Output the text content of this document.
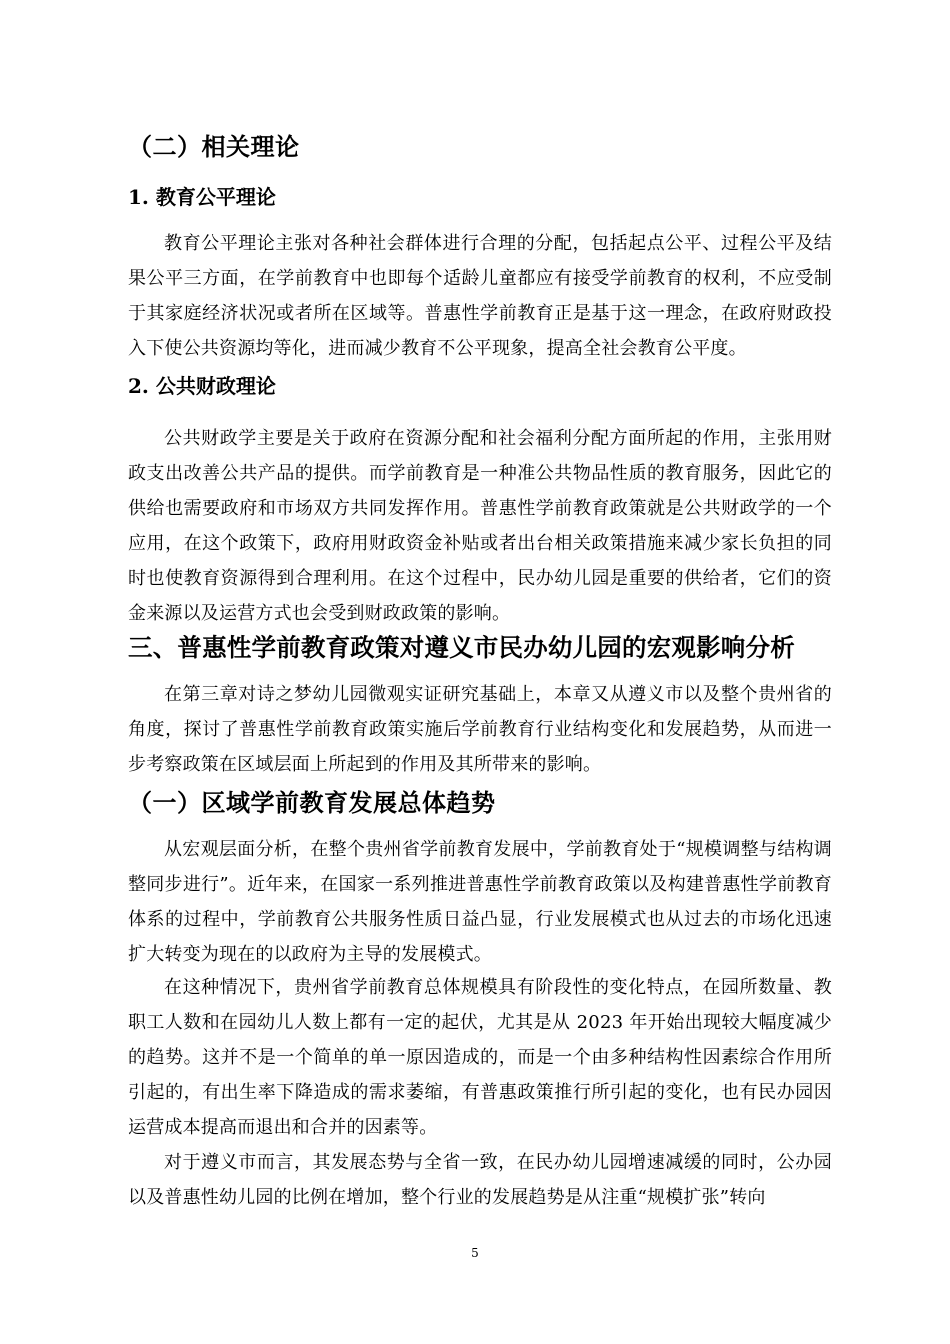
（二）相关理论
1. 教育公平理论
教育公平理论主张对各种社会群体进行合理的分配，包括起点公平、过程公平及结果公平三方面，在学前教育中也即每个适龄儿童都应有接受学前教育的权利，不应受制于其家庭经济状况或者所在区域等。普惠性学前教育正是基于这一理念，在政府财政投入下使公共资源均等化，进而减少教育不公平现象，提高全社会教育公平度。
2. 公共财政理论
公共财政学主要是关于政府在资源分配和社会福利分配方面所起的作用，主张用财政支出改善公共产品的提供。而学前教育是一种准公共物品性质的教育服务，因此它的供给也需要政府和市场双方共同发挥作用。普惠性学前教育政策就是公共财政学的一个应用，在这个政策下，政府用财政资金补贴或者出台相关政策措施来减少家长负担的同时也使教育资源得到合理利用。在这个过程中，民办幼儿园是重要的供给者，它们的资金来源以及运营方式也会受到财政政策的影响。
三、普惠性学前教育政策对遵义市民办幼儿园的宏观影响分析
在第三章对诗之梦幼儿园微观实证研究基础上，本章又从遵义市以及整个贵州省的角度，探讨了普惠性学前教育政策实施后学前教育行业结构变化和发展趋势，从而进一步考察政策在区域层面上所起到的作用及其所带来的影响。
（一）区域学前教育发展总体趋势
从宏观层面分析，在整个贵州省学前教育发展中，学前教育处于“规模调整与结构调整同步进行”。近年来，在国家一系列推进普惠性学前教育政策以及构建普惠性学前教育体系的过程中，学前教育公共服务性质日益凸显，行业发展模式也从过去的市场化迅速扩大转变为现在的以政府为主导的发展模式。
在这种情况下，贵州省学前教育总体规模具有阶段性的变化特点，在园所数量、教职工人数和在园幼儿人数上都有一定的起伏，尤其是从 2023 年开始出现较大幅度减少的趋势。这并不是一个简单的单一原因造成的，而是一个由多种结构性因素综合作用所引起的，有出生率下降造成的需求萎缩，有普惠政策推行所引起的变化，也有民办园因运营成本提高而退出和合并的因素等。
对于遵义市而言，其发展态势与全省一致，在民办幼儿园增速减缓的同时，公办园以及普惠性幼儿园的比例在增加，整个行业的发展趋势是从注重“规模扩张”转向
5
